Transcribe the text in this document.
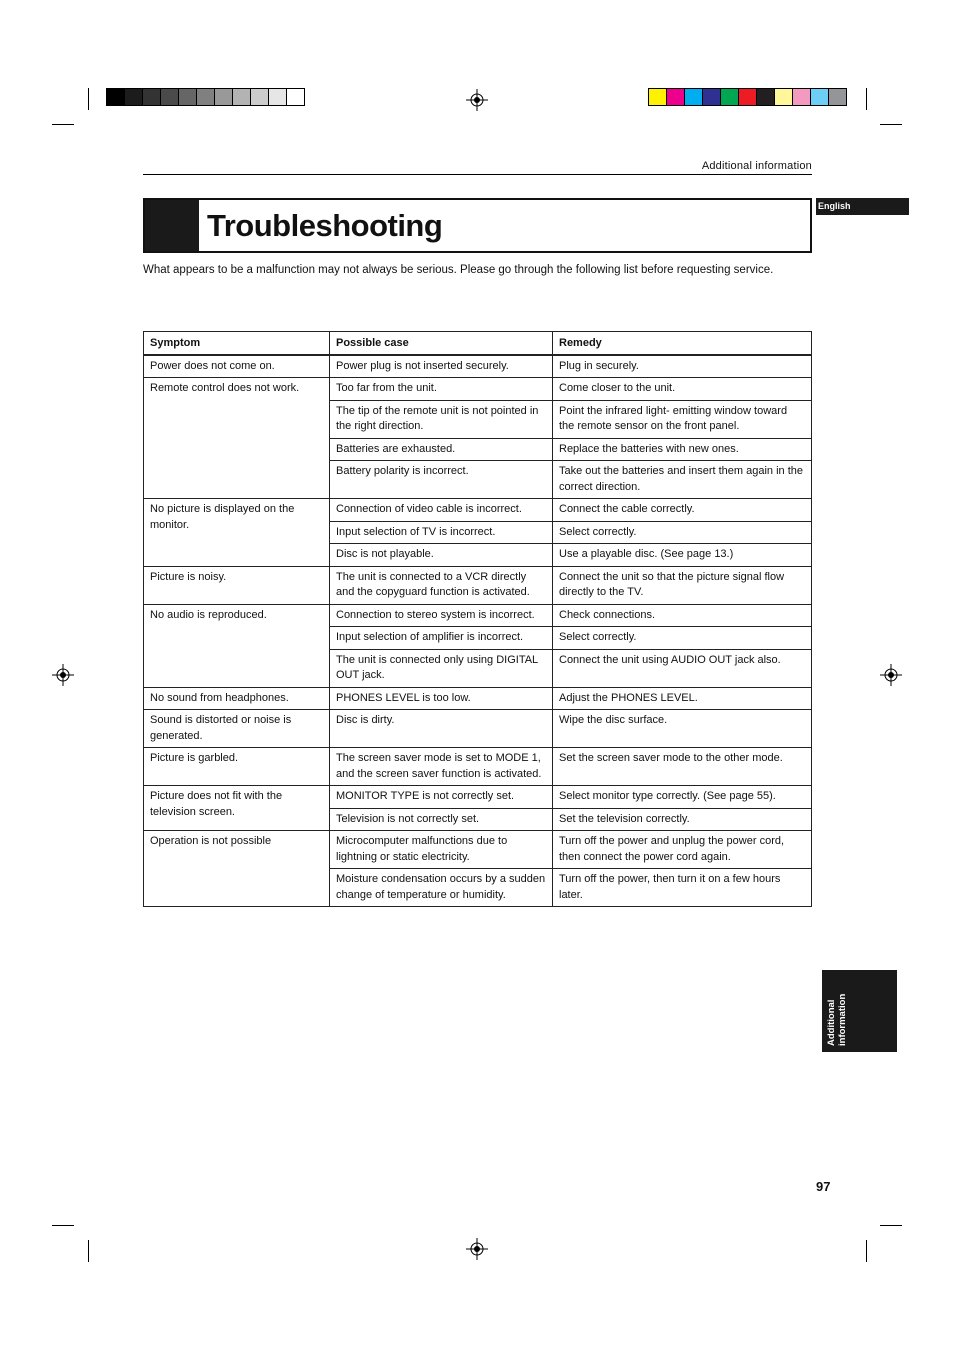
Additional information
English
Troubleshooting
What appears to be a malfunction may not always be serious. Please go through the following list before requesting service.
Symptom	Possible case	Remedy
Power does not come on.	Power plug is not inserted securely.	Plug in securely.
Remote control does not work.	Too far from the unit.	Come closer to the unit.
	The tip of the remote unit is not pointed in the right direction.	Point the infrared light- emitting window toward the remote sensor on the front panel.
	Batteries are exhausted.	Replace the batteries with new ones.
	Battery polarity is incorrect.	Take out the batteries and insert them again in the correct direction.
No picture is displayed on the monitor.	Connection of video cable is incorrect.	Connect the cable correctly.
	Input selection of TV is incorrect.	Select correctly.
	Disc is not playable.	Use a playable disc. (See page 13.)
Picture is noisy.	The unit is connected to a VCR directly and the copyguard function is activated.	Connect the unit so that the picture signal flow directly to the TV.
No audio is reproduced.	Connection to stereo system is incorrect.	Check connections.
	Input selection of amplifier is incorrect.	Select correctly.
	The unit is connected only using DIGITAL OUT jack.	Connect the unit using AUDIO OUT jack also.
No sound from headphones.	PHONES LEVEL is too low.	Adjust the PHONES LEVEL.
Sound is distorted or noise is generated.	Disc is dirty.	Wipe the disc surface.
Picture is garbled.	The screen saver mode is set to MODE 1, and the screen saver function is activated.	Set the screen saver mode to the other mode.
Picture does not fit with the television screen.	MONITOR TYPE is not correctly set.	Select monitor type correctly. (See page 55).
	Television is not correctly set.	Set the television correctly.
Operation is not possible	Microcomputer malfunctions due to lightning or static electricity.	Turn off the power and unplug the power cord, then connect the power cord again.
	Moisture condensation occurs by a sudden change of temperature or humidity.	Turn off the power, then turn it on a few hours later.
Additional information
97
